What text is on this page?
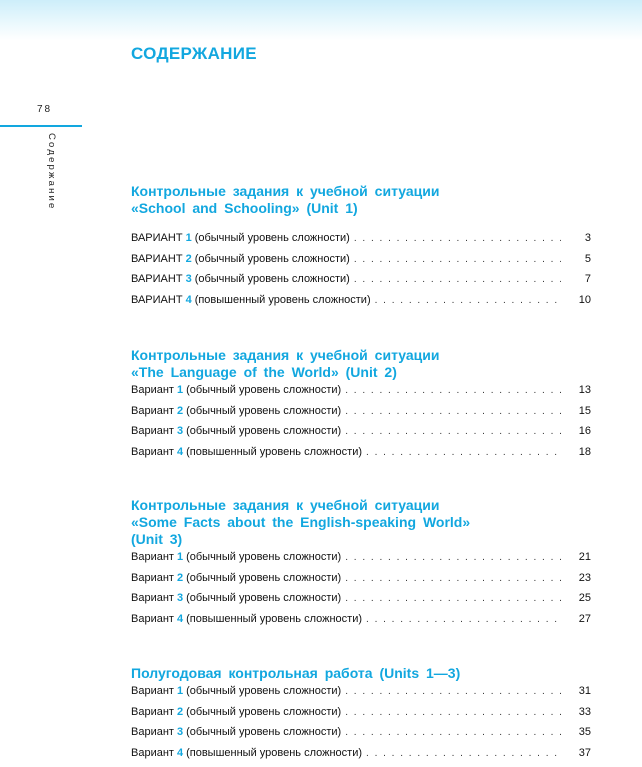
СОДЕРЖАНИЕ
78
Содержание	Контрольные задания к учебной ситуации
«School and Schooling» (Unit 1)
ВАРИАНТ 1 (обычный уровень сложности) . . .	3
ВАРИАНТ 2 (обычный уровень сложности) . . .	5
ВАРИАНТ 3 (обычный уровень сложности) . . .	7
ВАРИАНТ 4 (повышенный уровень сложности) . . .	10
Контрольные задания к учебной ситуации
«The Language of the World» (Unit 2)
Вариант 1 (обычный уровень сложности) . . .	13
Вариант 2 (обычный уровень сложности) . . .	15
Вариант 3 (обычный уровень сложности) . . .	16
Вариант 4 (повышенный уровень сложности) . . .	18
Контрольные задания к учебной ситуации
«Some Facts about the English-speaking World»
(Unit 3)
Вариант 1 (обычный уровень сложности) . . .	21
Вариант 2 (обычный уровень сложности) . . .	23
Вариант 3 (обычный уровень сложности) . . .	25
Вариант 4 (повышенный уровень сложности) . . .	27
Полугодовая контрольная работа (Units 1—3)
Вариант 1 (обычный уровень сложности) . . .	31
Вариант 2 (обычный уровень сложности) . . .	33
Вариант 3 (обычный уровень сложности) . . .	35
Вариант 4 (повышенный уровень сложности) . . .	37
